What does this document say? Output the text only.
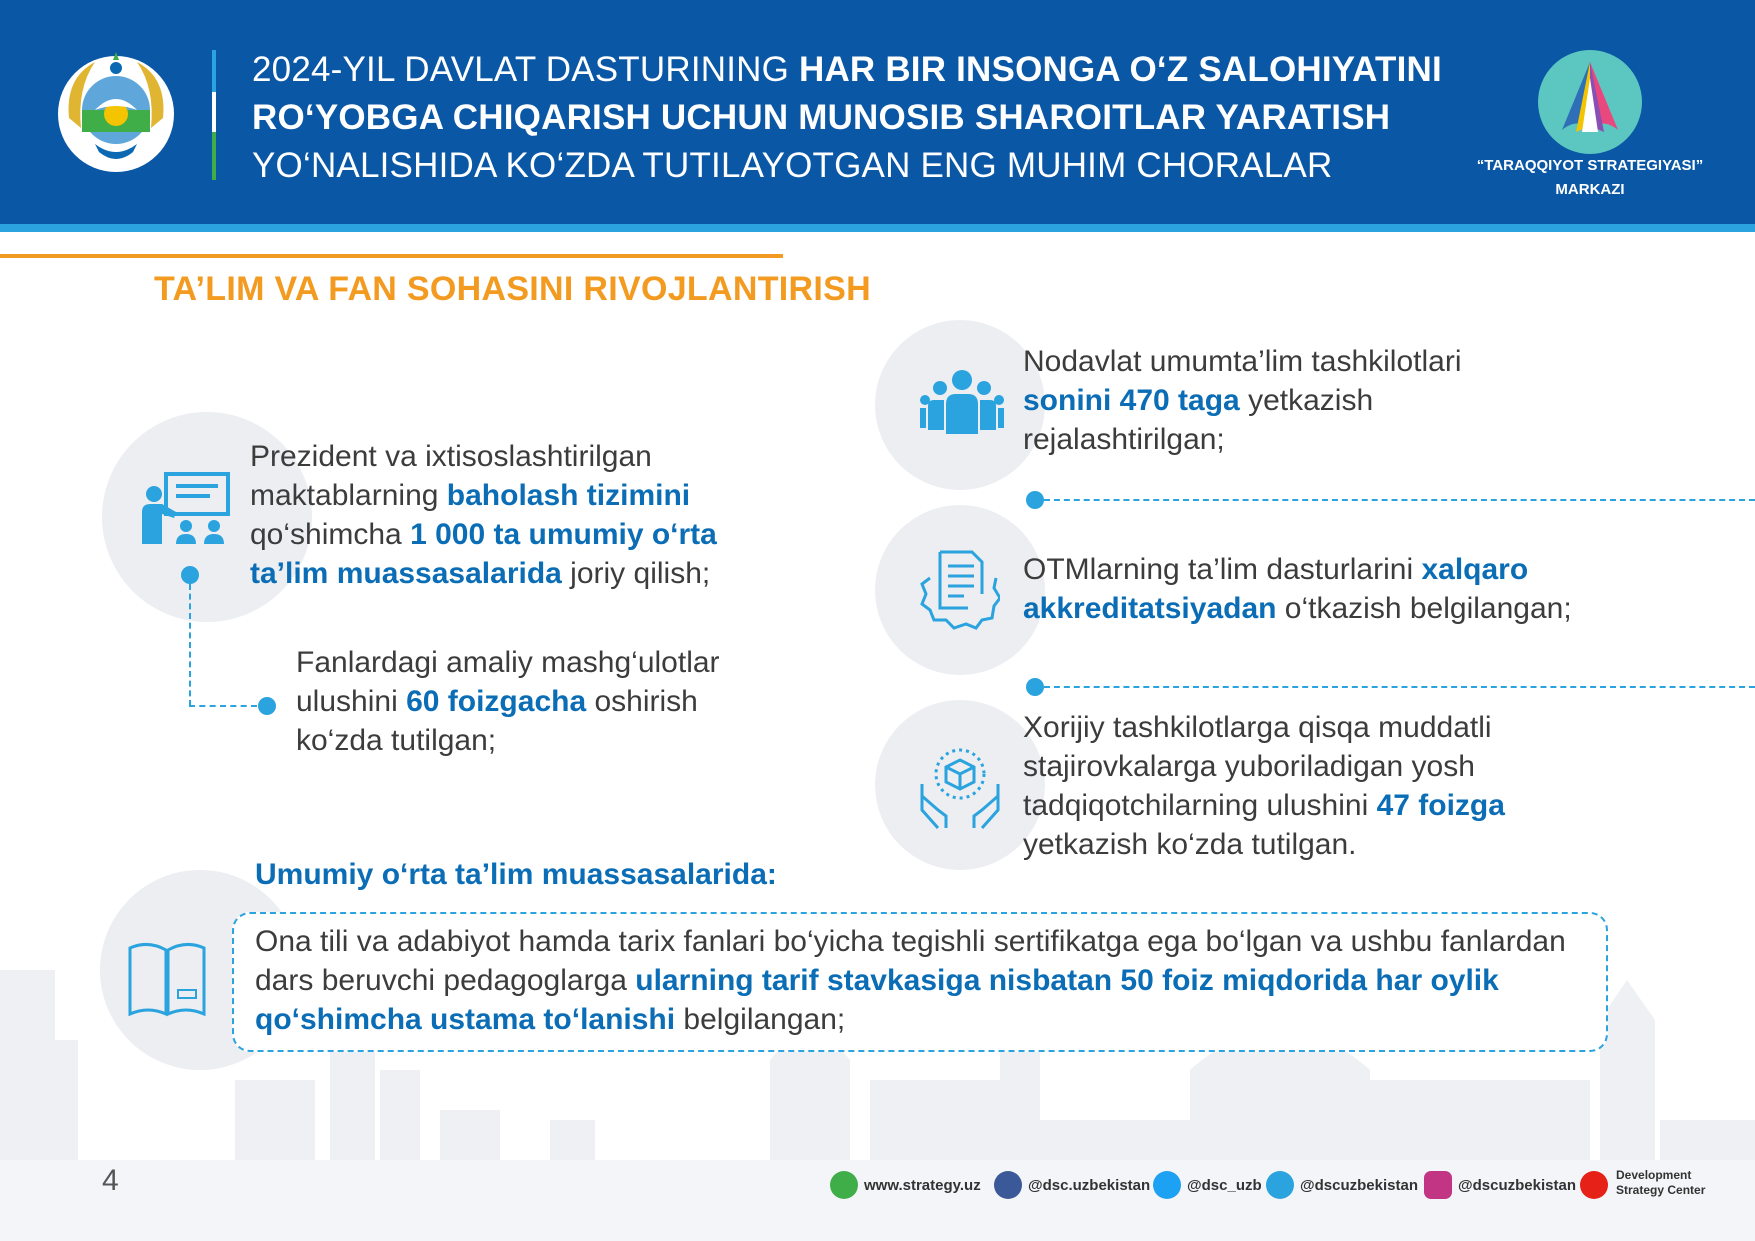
2024-YIL DAVLAT DASTURINING HAR BIR INSONGA O‘Z SALOHIYATINI
RO‘YOBGA CHIQARISH UCHUN MUNOSIB SHAROITLAR YARATISH
YO‘NALISHIDA KO‘ZDA TUTILAYOTGAN ENG MUHIM CHORALAR	“TARAQQIYOT STRATEGIYASI”
MARKAZI
TA’LIM VA FAN SOHASINI RIVOJLANTIRISH
Prezident va ixtisoslashtirilgan maktablarning baholash tizimini qo‘shimcha 1 000 ta umumiy o‘rta ta’lim muassasalarida joriy qilish;
Fanlardagi amaliy mashg‘ulotlar ulushini 60 foizgacha oshirish ko‘zda tutilgan;
Nodavlat umumta’lim tashkilotlari sonini 470 taga yetkazish rejalashtirilgan;
OTMlarning ta’lim dasturlarini xalqaro akkreditatsiyadan o‘tkazish belgilangan;
Xorijiy tashkilotlarga qisqa muddatli stajirovkalarga yuboriladigan yosh tadqiqotchilarning ulushini 47 foizga yetkazish ko‘zda tutilgan.
Umumiy o‘rta ta’lim muassasalarida:
Ona tili va adabiyot hamda tarix fanlari bo‘yicha tegishli sertifikatga ega bo‘lgan va ushbu fanlardan dars beruvchi pedagoglarga ularning tarif stavkasiga nisbatan 50 foiz miqdorida har oylik qo‘shimcha ustama to‘lanishi belgilangan;
4	www.strategy.uz	@dsc.uzbekistan @dsc_uzb	@dscuzbekistan	@dscuzbekistan
Development
Strategy Center
